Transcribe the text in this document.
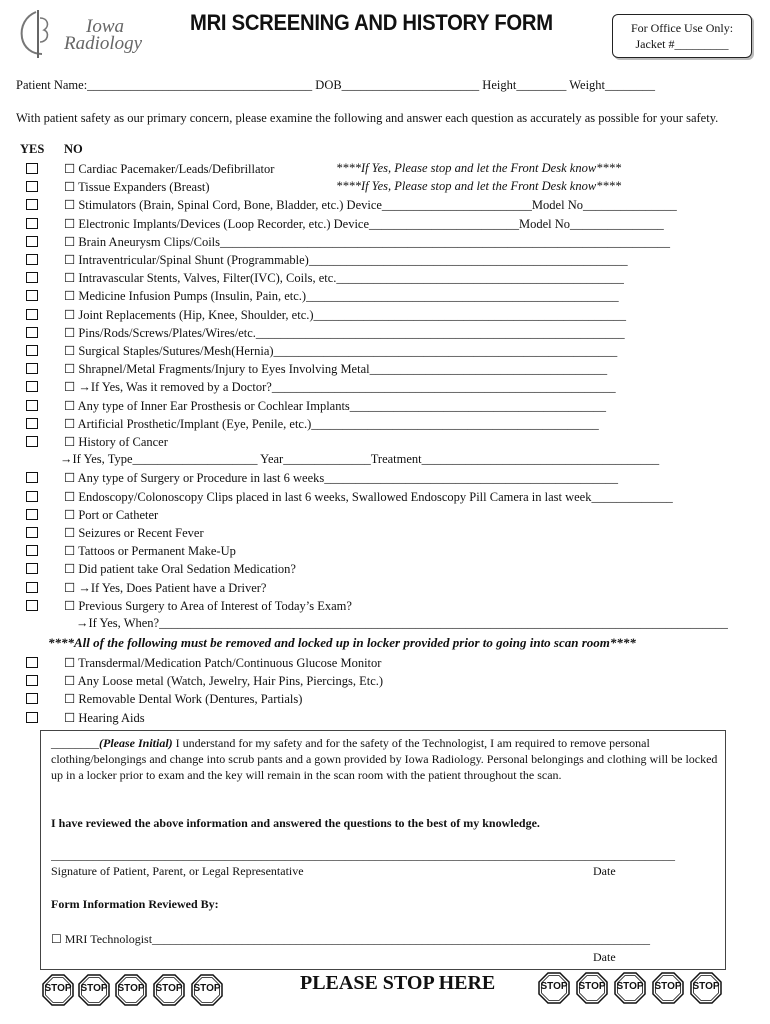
Iowa
Radiology
MRI SCREENING AND HISTORY FORM	For Office Use Only:
Jacket #_________
Patient Name:____________________________________ DOB______________________ Height________ Weight________
With patient safety as our primary concern, please examine the following and answer each question as accurately as possible for your safety.
YES NO
☐ Cardiac Pacemaker/Leads/Defibrillator	****If Yes, Please stop and let the Front Desk know****
☐ Tissue Expanders (Breast)	****If Yes, Please stop and let the Front Desk know****
☐ Stimulators (Brain, Spinal Cord, Bone, Bladder, etc.) Device________________________Model No_______________
☐ Electronic Implants/Devices (Loop Recorder, etc.) Device________________________Model No_______________
☐ Brain Aneurysm Clips/Coils________________________________________________________________________
☐ Intraventricular/Spinal Shunt (Programmable)___________________________________________________
☐ Intravascular Stents, Valves, Filter(IVC), Coils, etc.______________________________________________
☐ Medicine Infusion Pumps (Insulin, Pain, etc.)__________________________________________________
☐ Joint Replacements (Hip, Knee, Shoulder, etc.)__________________________________________________
☐ Pins/Rods/Screws/Plates/Wires/etc.___________________________________________________________
☐ Surgical Staples/Sutures/Mesh(Hernia)_______________________________________________________
☐ Shrapnel/Metal Fragments/Injury to Eyes Involving Metal______________________________________
☐ →If Yes, Was it removed by a Doctor?_______________________________________________________
☐ Any type of Inner Ear Prosthesis or Cochlear Implants_________________________________________
☐ Artificial Prosthetic/Implant (Eye, Penile, etc.)______________________________________________
☐ History of Cancer
→If Yes, Type____________________ Year______________Treatment______________________________________
☐ Any type of Surgery or Procedure in last 6 weeks_______________________________________________
☐ Endoscopy/Colonoscopy Clips placed in last 6 weeks, Swallowed Endoscopy Pill Camera in last week_____________
☐ Port or Catheter
☐ Seizures or Recent Fever
☐ Tattoos or Permanent Make-Up
☐ Did patient take Oral Sedation Medication?
☐ →If Yes, Does Patient have a Driver?
☐ Previous Surgery to Area of Interest of Today’s Exam?
→If Yes, When?___________________________________________________________________________________________
****All of the following must be removed and locked up in locker provided prior to going into scan room****
☐ Transdermal/Medication Patch/Continuous Glucose Monitor
☐ Any Loose metal (Watch, Jewelry, Hair Pins, Piercings, Etc.)
☐ Removable Dental Work (Dentures, Partials)
☐ Hearing Aids
________(Please Initial) I understand for my safety and for the safety of the Technologist, I am required to remove personal clothing/belongings and change into scrub pants and a gown provided by Iowa Radiology. Personal belongings and clothing will be locked up in a locker prior to exam and the key will remain in the scan room with the patient throughout the scan.
I have reviewed the above information and answered the questions to the best of my knowledge.
________________________________________________________________________________________________________
Signature of Patient, Parent, or Legal Representative	Date
Form Information Reviewed By:
☐ MRI Technologist___________________________________________________________________________________
Date
STOP STOP STOP STOP STOP	PLEASE STOP HERE	STOP STOP STOP STOP STOP
